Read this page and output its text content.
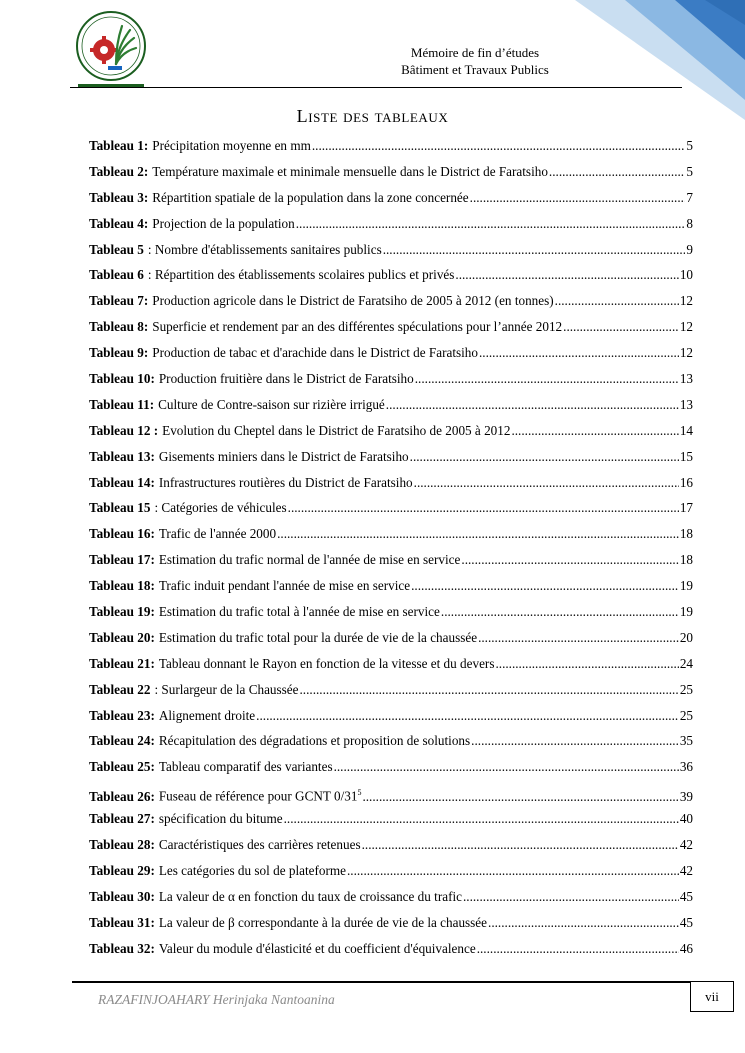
Mémoire de fin d’études
Bâtiment et Travaux Publics
Liste des tableaux
Tableau 1: Précipitation moyenne en mm .....	5
Tableau 2: Température maximale et minimale mensuelle dans le District de Faratsiho .....	5
Tableau 3: Répartition spatiale de la population dans la zone concernée .....	7
Tableau 4: Projection de la population .....	8
Tableau 5 : Nombre d'établissements sanitaires publics .....	9
Tableau 6 : Répartition des établissements scolaires publics et privés .....	10
Tableau 7: Production agricole dans le District de Faratsiho de 2005 à 2012 (en tonnes) .....	12
Tableau 8: Superficie et rendement par an des différentes spéculations pour l’année 2012 .....	12
Tableau 9: Production de tabac et d'arachide dans le District de Faratsiho .....	12
Tableau 10: Production fruitière dans le District de Faratsiho .....	13
Tableau 11: Culture de Contre-saison sur rizière irrigué .....	13
Tableau 12 : Evolution du Cheptel dans le District de Faratsiho de 2005 à 2012 .....	14
Tableau 13: Gisements miniers dans le District de Faratsiho .....	15
Tableau 14: Infrastructures routières du District de Faratsiho .....	16
Tableau 15 : Catégories de véhicules .....	17
Tableau 16: Trafic de l'année 2000 .....	18
Tableau 17: Estimation du trafic normal de l'année de mise en service .....	18
Tableau 18: Trafic induit pendant l'année de mise en service .....	19
Tableau 19: Estimation du trafic total à l'année de mise en service .....	19
Tableau 20: Estimation du trafic total pour la durée de vie de la chaussée .....	20
Tableau 21: Tableau donnant le Rayon en fonction de la vitesse et du devers .....	24
Tableau 22 : Surlargeur de la Chaussée .....	25
Tableau 23: Alignement droite .....	25
Tableau 24: Récapitulation des dégradations et proposition de solutions .....	35
Tableau 25: Tableau comparatif des variantes .....	36
Tableau 26: Fuseau de référence pour GCNT $0/31^5$ .....	39
Tableau 27: spécification du bitume .....	40
Tableau 28: Caractéristiques des carrières retenues .....	42
Tableau 29: Les catégories du sol de plateforme .....	42
Tableau 30: La valeur de α en fonction du taux de croissance du trafic .....	45
Tableau 31: La valeur de β correspondante à la durée de vie de la chaussée .....	45
Tableau 32: Valeur du module d'élasticité et du coefficient d'équivalence .....	46
RAZAFINJOAHARY Herinjaka Nantoanina	vii
